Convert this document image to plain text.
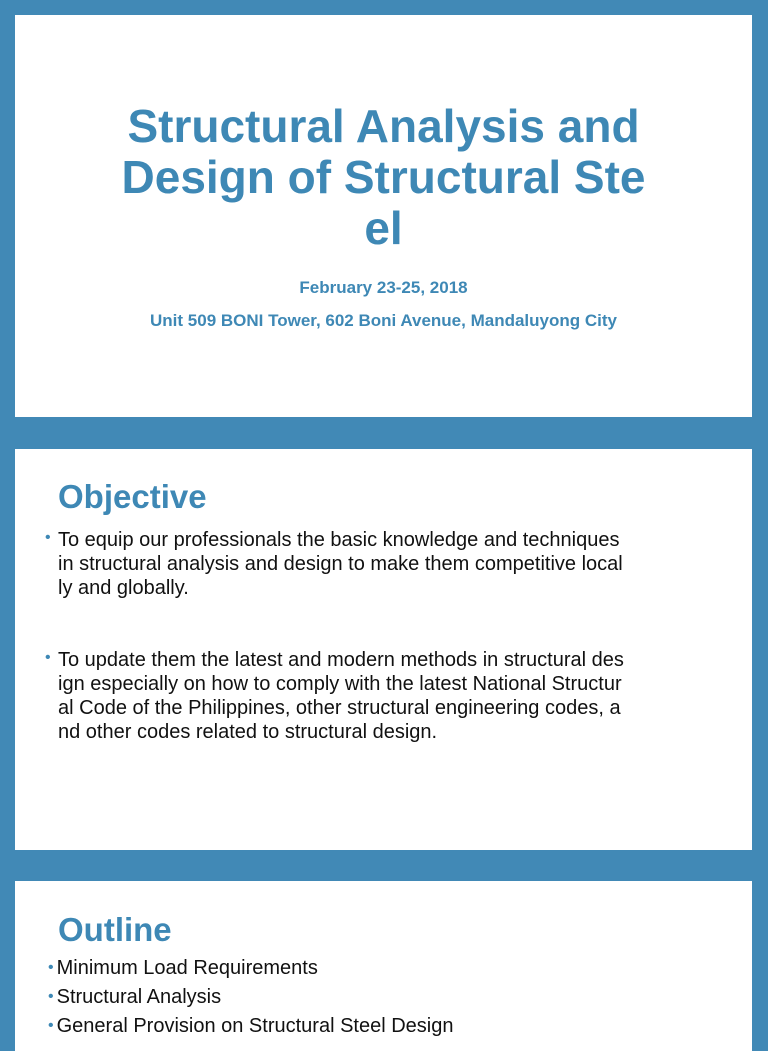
Structural Analysis and
Design of Structural Ste
el

February 23-25, 2018

Unit 509 BONI Tower, 602 Boni Avenue, Mandaluyong City

Objective
• To equip our professionals the basic knowledge and techniques
in structural analysis and design to make them competitive local
ly and globally.
• To update them the latest and modern methods in structural des
ign especially on how to comply with the latest National Structur
al Code of the Philippines, other structural engineering codes, a
nd other codes related to structural design.
Outline
• Minimum Load Requirements
• Structural Analysis
• General Provision on Structural Steel Design
